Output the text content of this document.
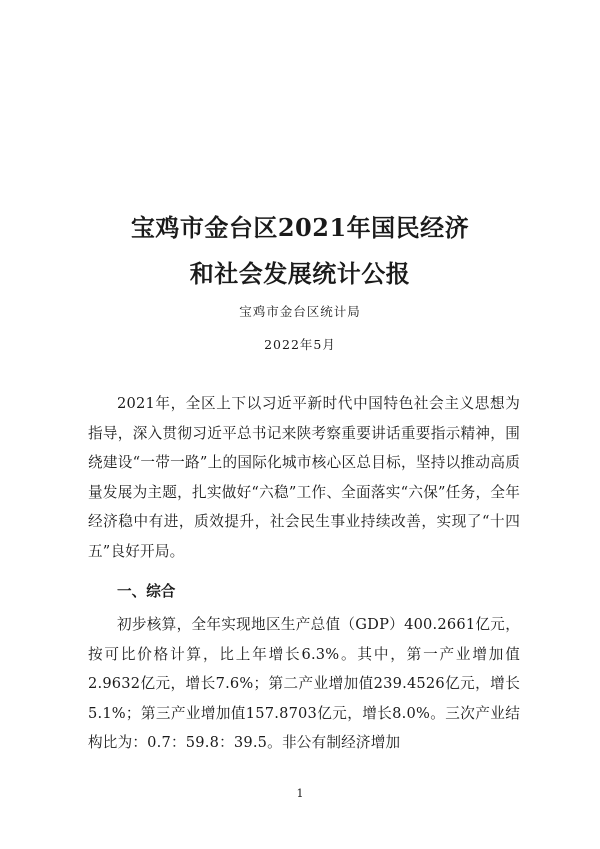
宝鸡市金台区2021年国民经济
和社会发展统计公报
宝鸡市金台区统计局
2022年5月

2021年，全区上下以习近平新时代中国特色社会主义思想为指导，深入贯彻习近平总书记来陕考察重要讲话重要指示精神，围绕建设“一带一路”上的国际化城市核心区总目标，坚持以推动高质量发展为主题，扎实做好“六稳”工作、全面落实“六保”任务，全年经济稳中有进，质效提升，社会民生事业持续改善，实现了“十四五”良好开局。

一、综合

初步核算，全年实现地区生产总值（GDP）400.2661亿元，按可比价格计算，比上年增长6.3%。其中，第一产业增加值2.9632亿元，增长7.6%；第二产业增加值239.4526亿元，增长5.1%；第三产业增加值157.8703亿元，增长8.0%。三次产业结构比为：0.7：59.8：39.5。非公有制经济增加

1
